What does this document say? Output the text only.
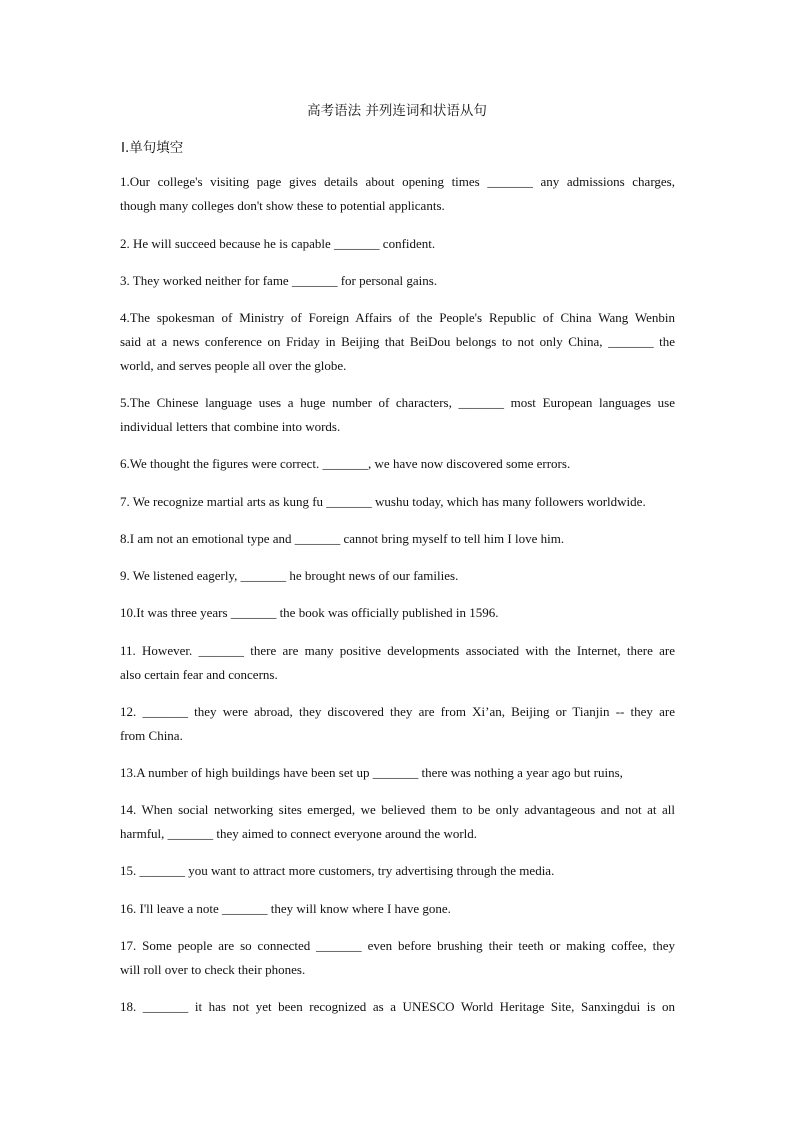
高考语法 并列连词和状语从句
Ⅰ.单句填空
1.Our college's visiting page gives details about opening times _______ any admissions charges,
though many colleges don't show these to potential applicants.
2. He will succeed because he is capable _______ confident.
3. They worked neither for fame _______ for personal gains.
4.The spokesman of Ministry of Foreign Affairs of the People's Republic of China Wang Wenbin
said at a news conference on Friday in Beijing that BeiDou belongs to not only China, _______ the
world, and serves people all over the globe.
5.The Chinese language uses a huge number of characters, _______ most European languages use
individual letters that combine into words.
6.We thought the figures were correct. _______, we have now discovered some errors.
7. We recognize martial arts as kung fu _______ wushu today, which has many followers worldwide.
8.I am not an emotional type and _______ cannot bring myself to tell him I love him.
9. We listened eagerly, _______ he brought news of our families.
10.It was three years _______ the book was officially published in 1596.
11. However. _______ there are many positive developments associated with the Internet, there are
also certain fear and concerns.
12. _______ they were abroad, they discovered they are from Xi’an, Beijing or Tianjin -- they are
from China.
13.A number of high buildings have been set up _______ there was nothing a year ago but ruins,
14. When social networking sites emerged, we believed them to be only advantageous and not at all
harmful, _______ they aimed to connect everyone around the world.
15. _______ you want to attract more customers, try advertising through the media.
16. I'll leave a note _______ they will know where I have gone.
17. Some people are so connected _______ even before brushing their teeth or making coffee, they
will roll over to check their phones.
18. _______ it has not yet been recognized as a UNESCO World Heritage Site, Sanxingdui is on
